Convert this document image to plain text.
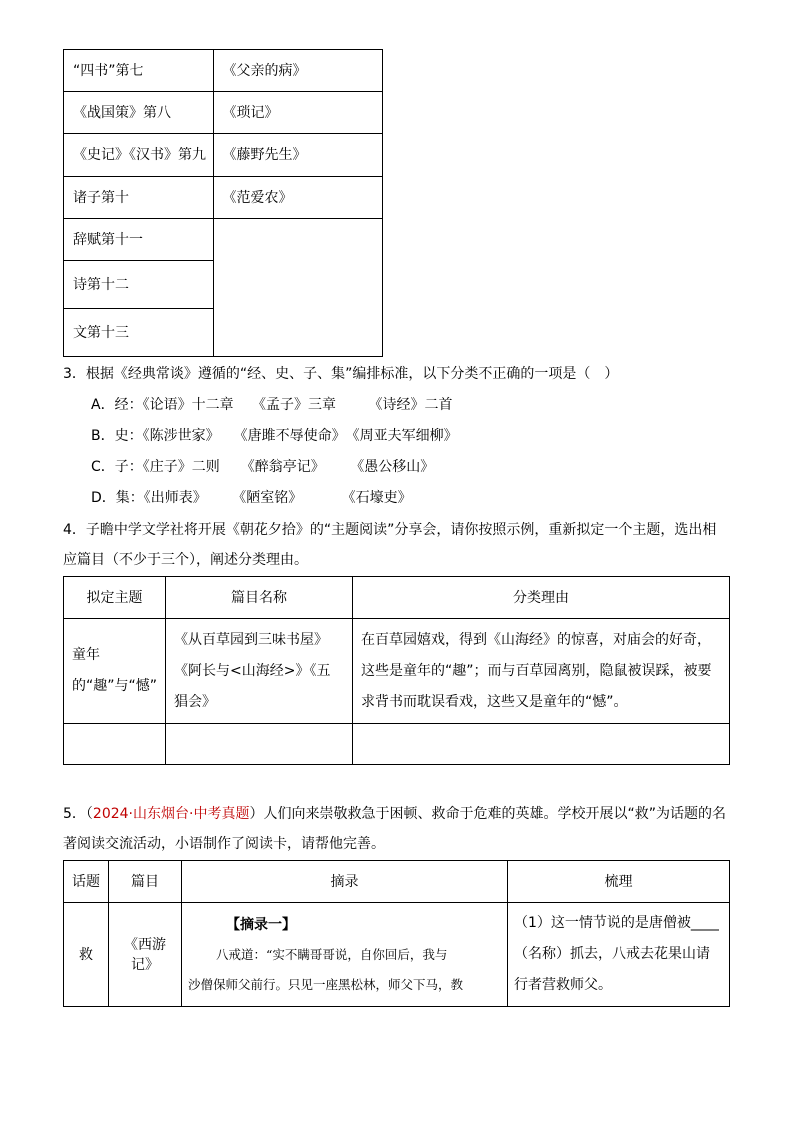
“四书”第七	《父亲的病》
《战国策》第八	《琐记》
《史记》《汉书》第九	《藤野先生》
诸子第十	《范爱农》
辞赋第十一	
诗第十二	
文第十三	
3．根据《经典常谈》遵循的“经、史、子、集”编排标准，以下分类不正确的一项是（　）
A．经：《论语》十二章　 《孟子》三章　　 《诗经》二首
B．史：《陈涉世家》　　《唐雎不辱使命》　《周亚夫军细柳》
C．子：《庄子》二则　　《醉翁亭记》　　 《愚公移山》
D．集：《出师表》　　 《陋室铭》　　　 《石壕吏》
4．子瞻中学文学社将开展《朝花夕拾》的“主题阅读”分享会，请你按照示例，重新拟定一个主题，选出相
应篇目（不少于三个），阐述分类理由。
拟定主题	篇目名称	分类理由
童年的“趣”与“憾”	《从百草园到三味书屋》《阿长与<山海经>》《五猖会》	在百草园嬉戏，得到《山海经》的惊喜，对庙会的好奇，这些是童年的“趣”；而与百草园离别，隐鼠被误踩，被要求背书而耽误看戏，这些又是童年的“憾”。

5．（2024·山东烟台·中考真题）人们向来崇敬救急于困顿、救命于危难的英雄。学校开展以“救”为话题的名
著阅读交流活动，小语制作了阅读卡，请帮他完善。
话题	篇目	摘录	梳理
救	《西游记》	【摘录一】
八戒道：“实不瞒哥哥说，自你回后，我与
沙僧保师父前行。只见一座黑松林，师父下马，教	（1）这一情节说的是唐僧被____（名称）抓去，八戒去花果山请行者营救师父。
